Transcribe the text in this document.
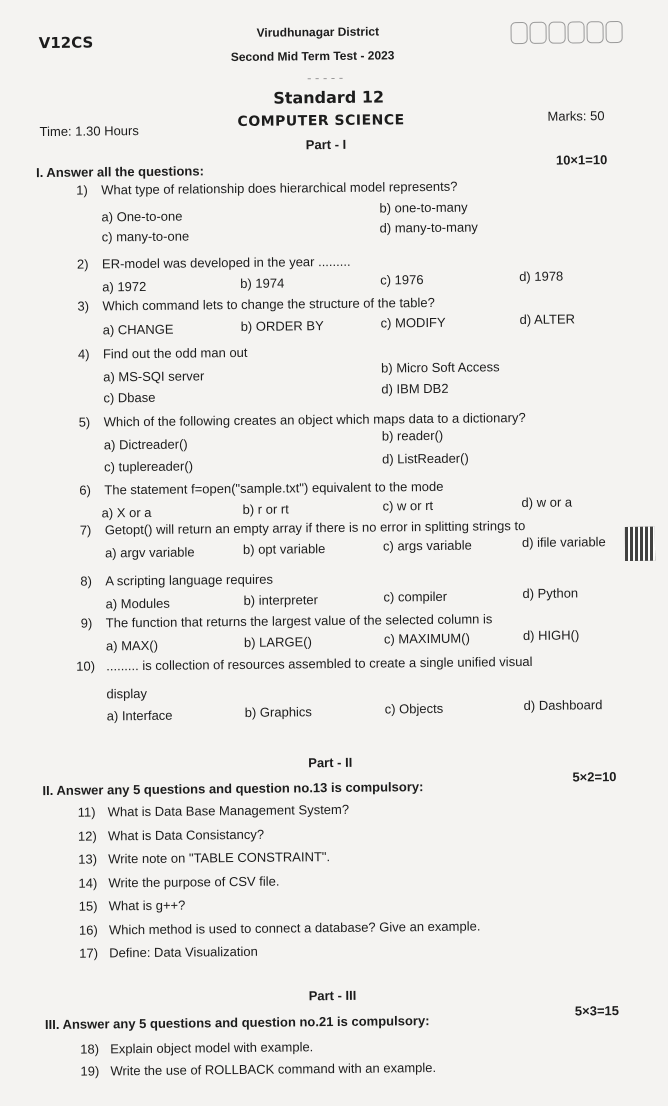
V12CS
Virudhunagar District
Second Mid Term Test - 2023
- - - - -
Standard 12
COMPUTER SCIENCE
Time: 1.30 Hours
Marks: 50
Part - I
I. Answer all the questions:
10×1=10
1) What type of relationship does hierarchical model represents?
a) One-to-one
b) one-to-many
c) many-to-one
d) many-to-many
2) ER-model was developed in the year .........
a) 1972	b) 1974	c) 1976	d) 1978
3) Which command lets to change the structure of the table?
a) CHANGE	b) ORDER BY	c) MODIFY	d) ALTER
4) Find out the odd man out
a) MS-SQI server
b) Micro Soft Access
c) Dbase
d) IBM DB2
5) Which of the following creates an object which maps data to a dictionary?
a) Dictreader()
b) reader()
c) tuplereader()	d) ListReader()
6) The statement f=open("sample.txt") equivalent to the mode
a) X or a	b) r or rt	c) w or rt	d) w or a
7) Getopt() will return an empty array if there is no error in splitting strings to
a) argv variable	b) opt variable	c) args variable	d) ifile variable
8) A scripting language requires
a) Modules	b) interpreter	c) compiler	d) Python
9) The function that returns the largest value of the selected column is
a) MAX()	b) LARGE()	c) MAXIMUM()	d) HIGH()
10) ......... is collection of resources assembled to create a single unified visual
display
a) Interface	b) Graphics	c) Objects	d) Dashboard
Part - II
II. Answer any 5 questions and question no.13 is compulsory:
5×2=10
11) What is Data Base Management System?
12) What is Data Consistancy?
13) Write note on "TABLE CONSTRAINT".
14) Write the purpose of CSV file.
15) What is g++?
16) Which method is used to connect a database? Give an example.
17) Define: Data Visualization
Part - III
III. Answer any 5 questions and question no.21 is compulsory:
5×3=15
18) Explain object model with example.
19) Write the use of ROLLBACK command with an example.
